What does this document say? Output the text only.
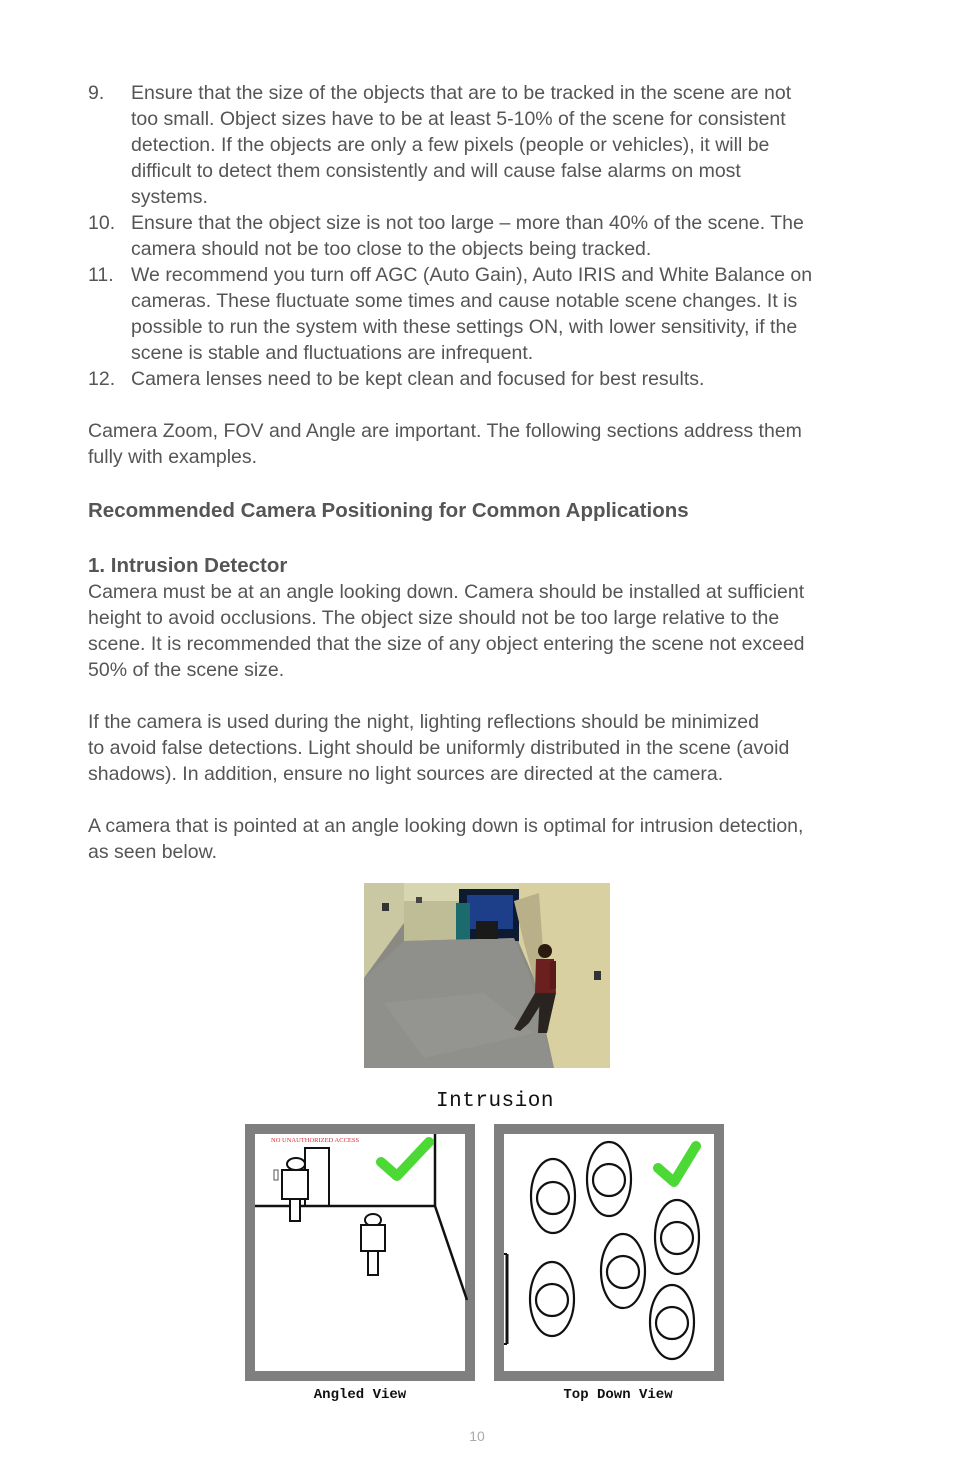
9. Ensure that the size of the objects that are to be tracked in the scene are not
too small. Object sizes have to be at least 5-10% of the scene for consistent
detection. If the objects are only a few pixels (people or vehicles), it will be
difficult to detect them consistently and will cause false alarms on most
systems.
10. Ensure that the object size is not too large – more than 40% of the scene. The
camera should not be too close to the objects being tracked.
11. We recommend you turn off AGC (Auto Gain), Auto IRIS and White Balance on
cameras. These fluctuate some times and cause notable scene changes. It is
possible to run the system with these settings ON, with lower sensitivity, if the
scene is stable and fluctuations are infrequent.
12. Camera lenses need to be kept clean and focused for best results.

Camera Zoom, FOV and Angle are important. The following sections address them
fully with examples.

Recommended Camera Positioning for Common Applications
1. Intrusion Detector

Camera must be at an angle looking down. Camera should be installed at sufficient
height to avoid occlusions. The object size should not be too large relative to the
scene. It is recommended that the size of any object entering the scene not exceed
50% of the scene size.

If the camera is used during the night, lighting reflections should be minimized
to avoid false detections. Light should be uniformly distributed in the scene (avoid
shadows). In addition, ensure no light sources are directed at the camera.

A camera that is pointed at an angle looking down is optimal for intrusion detection,
as seen below.

Intrusion
NO UNAUTHORIZED ACCESS
Angled View	Top Down View
10
